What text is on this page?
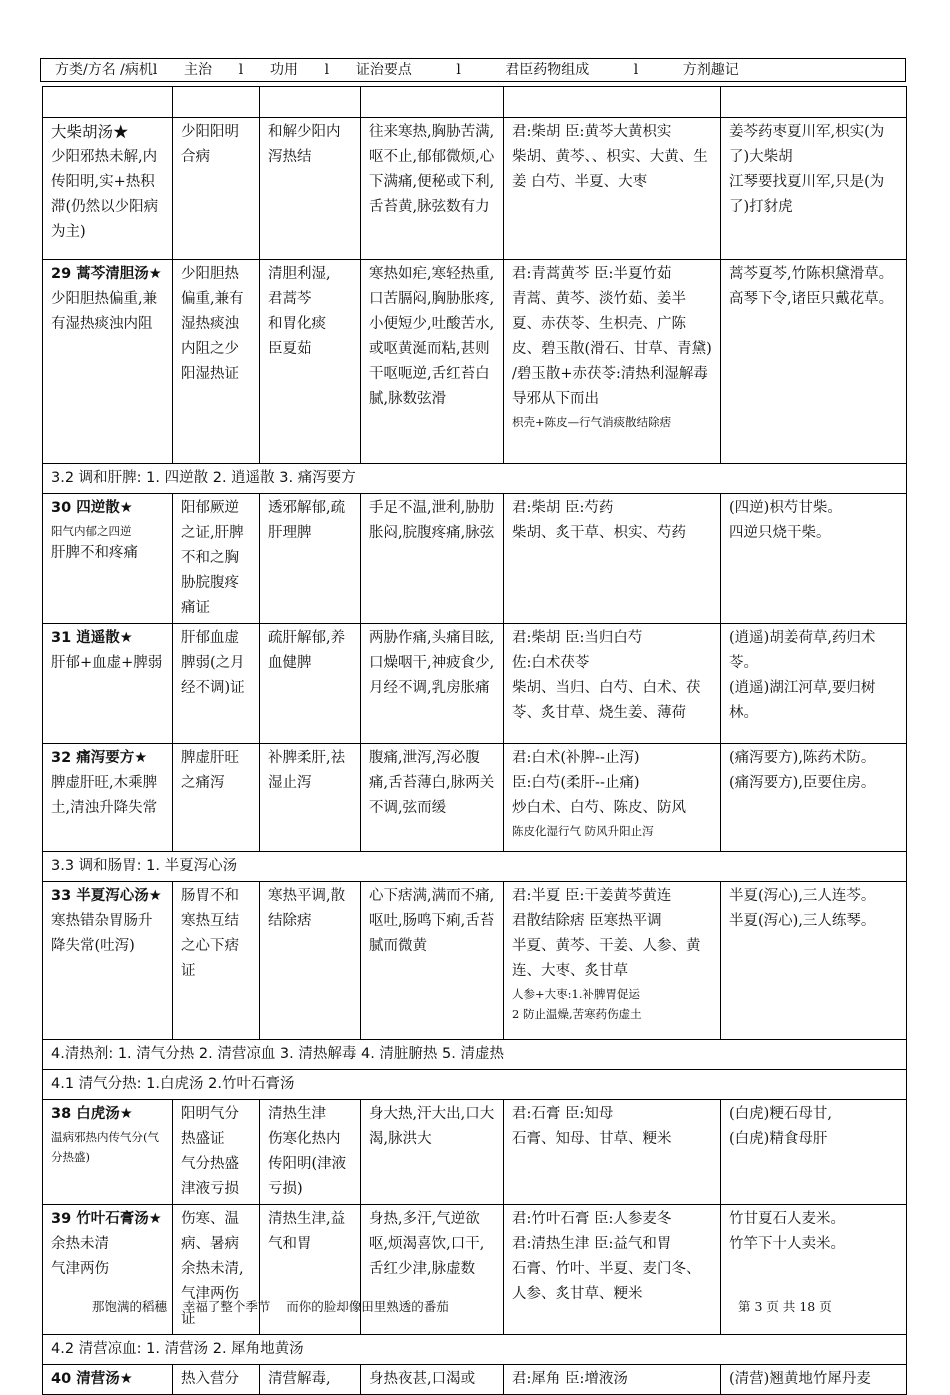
方类/方名 /病机l      主治      l      功用      l      证治要点          l          君臣药物组成          l          方剂趣记

大柴胡汤★
少阳邪热未解,内传阳明,实+热积滞(仍然以少阳病为主)	少阳阳明合病	和解少阳内泻热结	往来寒热,胸胁苦满,呕不止,郁郁微烦,心下满痛,便秘或下利,舌苔黄,脉弦数有力	君:柴胡 臣:黄芩大黄枳实
柴胡、黄芩、、枳实、大黄、生姜 白芍、半夏、大枣	姜芩药枣夏川军,枳实(为了)大柴胡
江琴要找夏川军,只是(为了)打豺虎

29 蒿芩清胆汤★
少阳胆热偏重,兼有湿热痰浊内阻	少阳胆热偏重,兼有湿热痰浊内阻之少阳湿热证	清胆利湿,
君蒿芩
和胃化痰
臣夏茹	寒热如疟,寒轻热重,口苦膈闷,胸胁胀疼,小便短少,吐酸苦水,或呕黄涎而粘,甚则干呕呃逆,舌红苔白腻,脉数弦滑	君:青蒿黄芩 臣:半夏竹茹
青蒿、黄芩、淡竹茹、姜半夏、赤茯苓、生枳壳、广陈皮、碧玉散(滑石、甘草、青黛) /碧玉散+赤茯苓:清热利湿解毒导邪从下而出
枳壳+陈皮—行气消痰散结除痞	蒿芩夏芩,竹陈枳黛滑草。
高琴下令,诸臣只戴花草。

3.2 调和肝脾: 1. 四逆散 2. 逍遥散 3. 痛泻要方					

30 四逆散★
阳气内郁之四逆
肝脾不和疼痛	阳郁厥逆之证,肝脾不和之胸胁脘腹疼痛证	透邪解郁,疏肝理脾	手足不温,泄利,胁肋胀闷,脘腹疼痛,脉弦	君:柴胡 臣:芍药
柴胡、炙干草、枳实、芍药	(四逆)枳芍甘柴。
四逆只烧干柴。

31 逍遥散★
肝郁+血虚+脾弱	肝郁血虚脾弱(之月经不调)证	疏肝解郁,养血健脾	两胁作痛,头痛目眩,口燥咽干,神疲食少,月经不调,乳房胀痛	君:柴胡 臣:当归白芍
佐:白术茯苓
柴胡、当归、白芍、白术、茯苓、炙甘草、烧生姜、薄荷	(逍遥)胡姜荷草,药归术苓。
(逍遥)湖江河草,要归树林。

32 痛泻要方★
脾虚肝旺,木乘脾土,清浊升降失常	脾虚肝旺之痛泻	补脾柔肝,祛湿止泻	腹痛,泄泻,泻必腹痛,舌苔薄白,脉两关不调,弦而缓	君:白术(补脾--止泻)
臣:白芍(柔肝--止痛)
炒白术、白芍、陈皮、防风
陈皮化湿行气 防风升阳止泻	(痛泻要方),陈药术防。
(痛泻要方),臣要住房。

3.3 调和肠胃: 1. 半夏泻心汤					

33 半夏泻心汤★
寒热错杂胃肠升降失常(吐泻)	肠胃不和寒热互结之心下痞证	寒热平调,散结除痞	心下痞满,满而不痛,呕吐,肠鸣下痢,舌苔腻而微黄	君:半夏 臣:干姜黄芩黄连
君散结除痞 臣寒热平调
半夏、黄芩、干姜、人参、黄连、大枣、炙甘草
人参+大枣:1.补脾胃促运
2 防止温燥,苦寒药伤虚土	半夏(泻心),三人连芩。
半夏(泻心),三人练琴。

4.清热剂: 1. 清气分热 2. 清营凉血 3. 清热解毒 4. 清脏腑热 5. 清虚热					
4.1 清气分热: 1.白虎汤 2.竹叶石膏汤					

38 白虎汤★
温病邪热内传气分(气分热盛)	阳明气分热盛证
气分热盛津液亏损	清热生津
伤寒化热内传阳明(津液亏损)	身大热,汗大出,口大渴,脉洪大	君:石膏 臣:知母
石膏、知母、甘草、粳米	(白虎)粳石母甘,
(白虎)精食母肝

39 竹叶石膏汤★
余热未清
气津两伤	伤寒、温病、暑病余热未清,气津两伤证	清热生津,益气和胃	身热,多汗,气逆欲呕,烦渴喜饮,口干,舌红少津,脉虚数	君:竹叶石膏 臣:人参麦冬
君:清热生津 臣:益气和胃
石膏、竹叶、半夏、麦门冬、人参、炙甘草、粳米	竹甘夏石人麦米。
竹竿下十人卖米。

4.2 清营凉血: 1. 清营汤 2. 犀角地黄汤					

40 清营汤★	热入营分	清营解毒,	身热夜甚,口渴或	君:犀角 臣:增液汤	(清营)翘黄地竹犀丹麦
那饱满的稻穗    幸福了整个季节    而你的脸却像田里熟透的番茄	第 3 页 共 18 页
